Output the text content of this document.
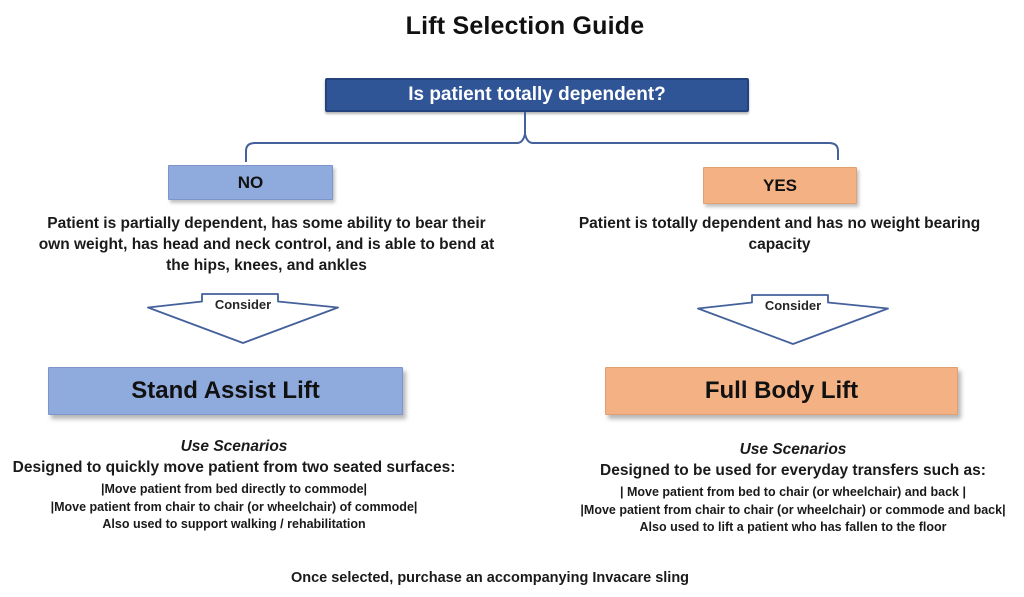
Lift Selection Guide
Is patient totally dependent?
NO	YES
Patient is partially dependent, has some ability to bear their
own weight, has head and neck control, and is able to bend at
the hips, knees, and ankles
Patient is totally dependent and has no weight bearing
capacity
Consider	Consider
Stand Assist Lift	Full Body Lift
Use Scenarios
Designed to quickly move patient from two seated surfaces:
|Move patient from bed directly to commode|
|Move patient from chair to chair (or wheelchair) of commode|
Also used to support walking / rehabilitation
Use Scenarios
Designed to be used for everyday transfers such as:
| Move patient from bed to chair (or wheelchair) and back |
|Move patient from chair to chair (or wheelchair) or commode and back|
Also used to lift a patient who has fallen to the floor
Once selected, purchase an accompanying Invacare sling
